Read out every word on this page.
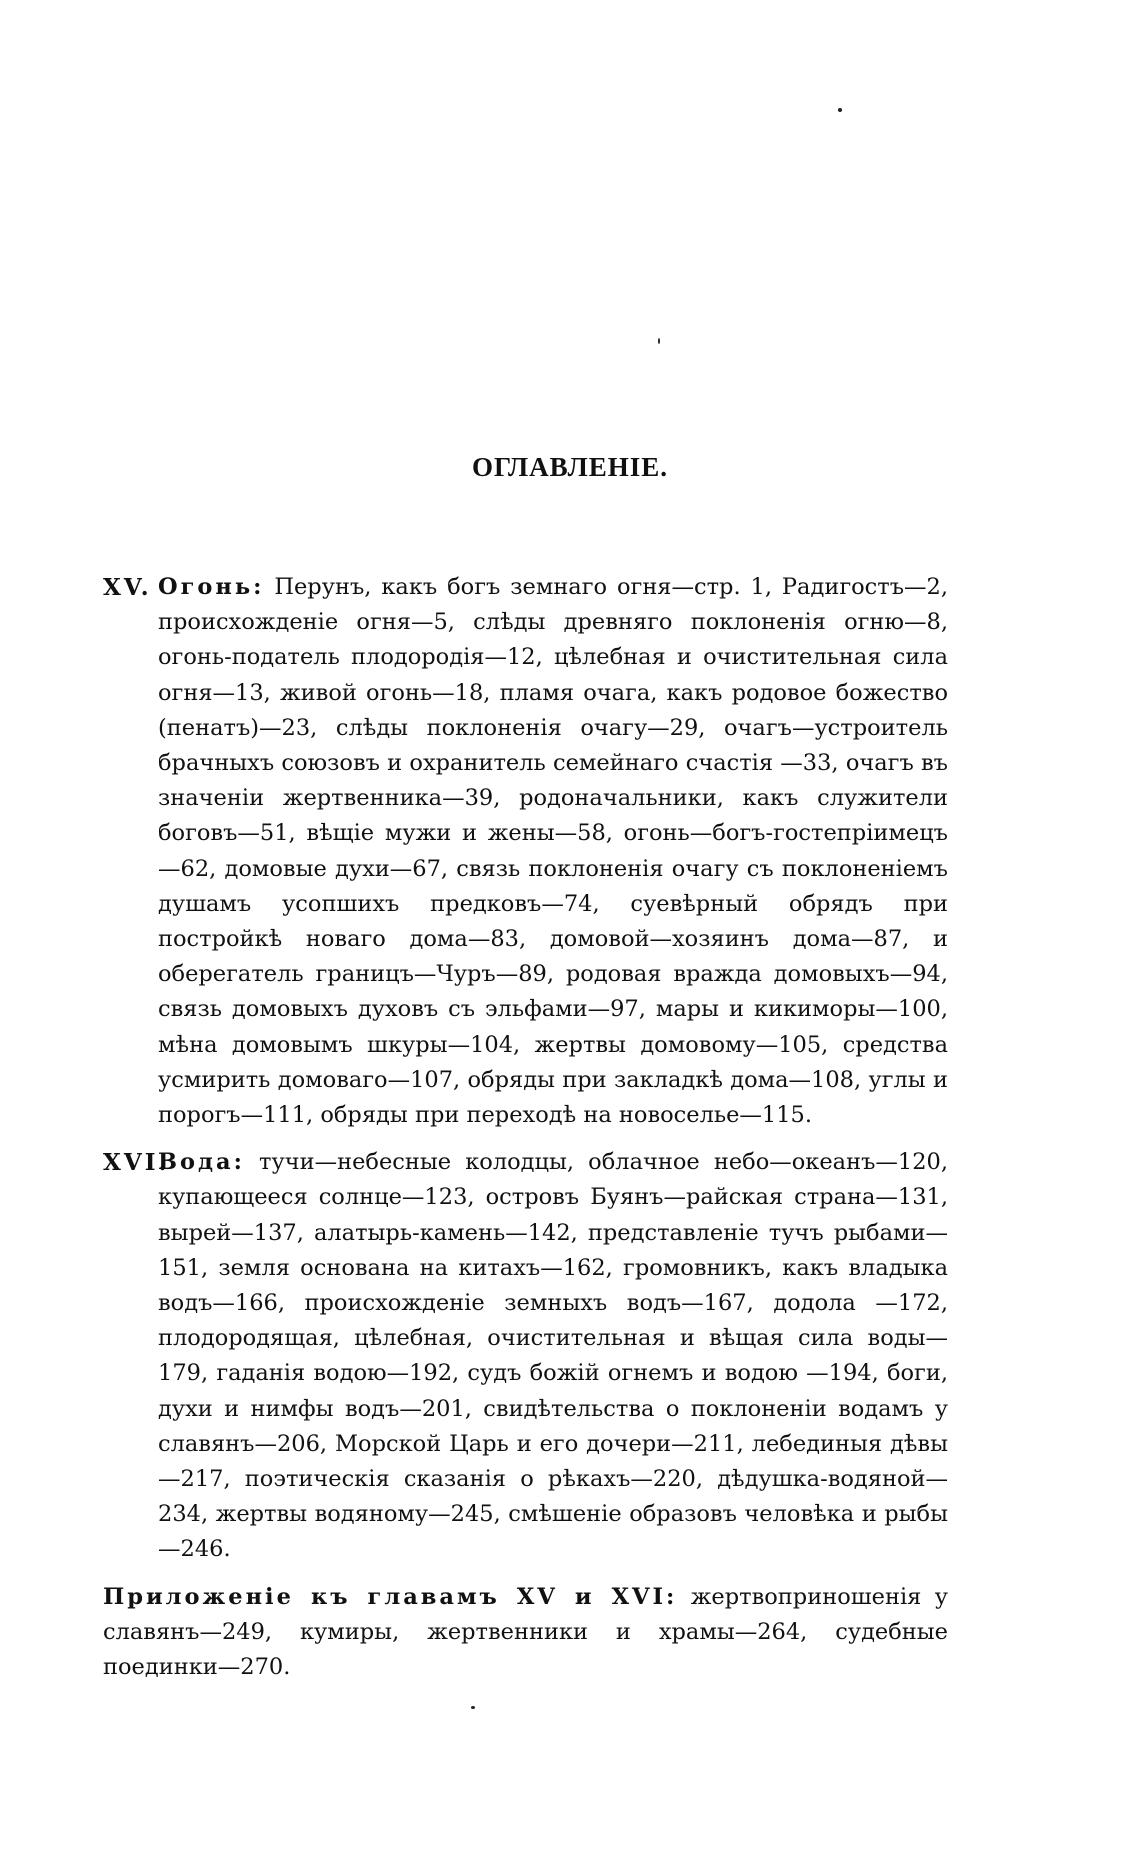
ОГЛАВЛЕНІЕ.
XV. Огонь: Перунъ, какъ богъ земнаго огня—стр. 1, Радигостъ—2, происхожденіе огня—5, слѣды древняго поклоненія огню—8, огонь-податель плодородія—12, цѣлебная и очистительная сила огня—13, живой огонь—18, пламя очага, какъ родовое божество (пенатъ)—23, слѣды поклоненія очагу—29, очагъ—устроитель брачныхъ союзовъ и охранитель семейнаго счастія —33, очагъ въ значеніи жертвенника—39, родоначальники, какъ служители боговъ—51, вѣщіе мужи и жены—58, огонь—богъ-гостепріимецъ —62, домовые духи—67, связь поклоненія очагу съ поклоненіемъ душамъ усопшихъ предковъ—74, суевѣрный обрядъ при постройкѣ новаго дома—83, домовой—хозяинъ дома—87, и оберегатель границъ—Чуръ—89, родовая вражда домовыхъ—94, связь домовыхъ духовъ съ эльфами—97, мары и кикиморы—100, мѣна домовымъ шкуры—104, жертвы домовому—105, средства усмирить домоваго—107, обряды при закладкѣ дома—108, углы и порогъ—111, обряды при переходѣ на новоселье—115.
XVI.
Вода: тучи—небесные колодцы, облачное небо—океанъ—120, купающееся солнце—123, островъ Буянъ—райская страна—131, вырей—137, алатырь-камень—142, представленіе тучъ рыбами—151, земля основана на китахъ—162, громовникъ, какъ владыка водъ—166, происхожденіе земныхъ водъ—167, додола —172, плодородящая, цѣлебная, очистительная и вѣщая сила воды—179, гаданія водою—192, судъ божій огнемъ и водою —194, боги, духи и нимфы водъ—201, свидѣтельства о поклоненіи водамъ у славянъ—206, Морской Царь и его дочери—211, лебединыя дѣвы—217, поэтическія сказанія о рѣкахъ—220, дѣдушка-водяной—234, жертвы водяному—245, смѣшеніе образовъ человѣка и рыбы—246.
Приложеніе къ главамъ XV и XVI: жертвоприношенія у славянъ—249, кумиры, жертвенники и храмы—264, судебные поединки—270.
